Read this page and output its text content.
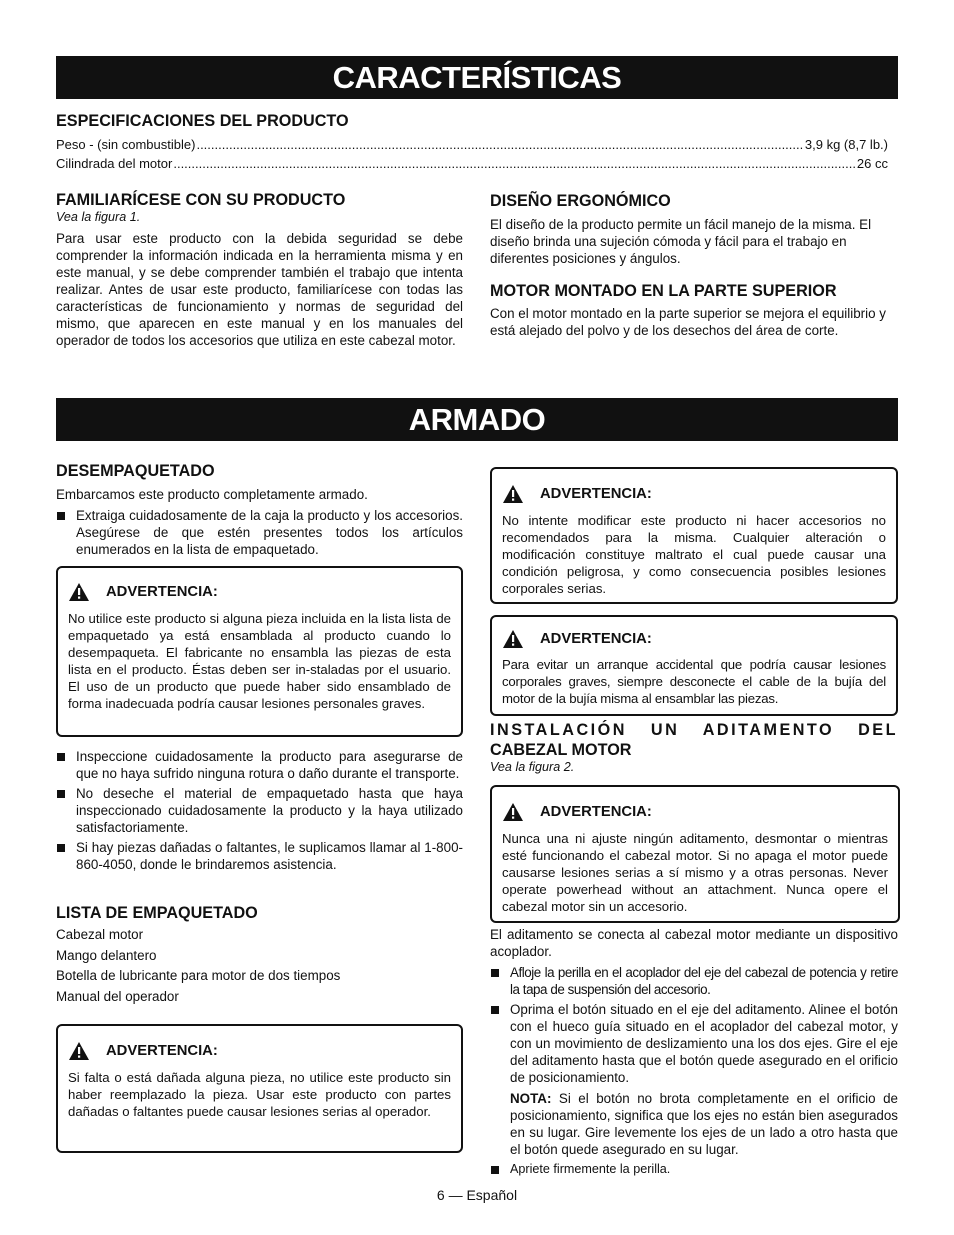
CARACTERÍSTICAS
ESPECIFICACIONES DEL PRODUCTO
Peso - (sin combustible) .....	3,9 kg (8,7 lb.)
Cilindrada del motor .....	26 cc
FAMILIARÍCESE CON SU PRODUCTO
Vea la figura 1.

Para usar este producto con la debida seguridad se debe comprender la información indicada en la herramienta misma y en este manual, y se debe comprender también el trabajo que intenta realizar. Antes de usar este producto, familiarícese con todas las características de funcionamiento y normas de seguridad del mismo, que aparecen en este manual y en los manuales del operador de todos los accesorios que utiliza en este cabezal motor.

DISEÑO ERGONÓMICO

El diseño de la producto permite un fácil manejo de la misma. El diseño brinda una sujeción cómoda y fácil para el trabajo en diferentes posiciones y ángulos.

MOTOR MONTADO EN LA PARTE SUPERIOR

Con el motor montado en la parte superior se mejora el equilibrio y está alejado del polvo y de los desechos del área de corte.

ARMADO
DESEMPAQUETADO

Embarcamos este producto completamente armado.

Extraiga cuidadosamente de la caja la producto y los accesorios. Asegúrese de que estén presentes todos los artículos enumerados en la lista de empaquetado.
ADVERTENCIA:

No utilice este producto si alguna pieza incluida en la lista lista de empaquetado ya está ensamblada al producto cuando lo desempaqueta. El fabricante no ensambla las piezas de esta lista en el producto. Éstas deben ser in-staladas por el usuario. El uso de un producto que puede haber sido ensamblado de forma inadecuada podría causar lesiones personales graves.

Inspeccione cuidadosamente la producto para asegurarse de que no haya sufrido ninguna rotura o daño durante el transporte.
No deseche el material de empaquetado hasta que haya inspeccionado cuidadosamente la producto y la haya utilizado satisfactoriamente.
Si hay piezas dañadas o faltantes, le suplicamos llamar al 1-800-860-4050, donde le brindaremos asistencia.
LISTA DE EMPAQUETADO

Cabezal motor

Mango delantero

Botella de lubricante para motor de dos tiempos

Manual del operador

ADVERTENCIA:

Si falta o está dañada alguna pieza, no utilice este producto sin haber reemplazado la pieza. Usar este producto con partes dañadas o faltantes puede causar lesiones serias al operador.

ADVERTENCIA:

No intente modificar este producto ni hacer accesorios no recomendados para la misma. Cualquier alteración o modificación constituye maltrato el cual puede causar una condición peligrosa, y como consecuencia posibles lesiones corporales serias.

ADVERTENCIA:

Para evitar un arranque accidental que podría causar lesiones corporales graves, siempre desconecte el cable de la bujía del motor de la bujía misma al ensamblar las piezas.

INSTALACIÓN UN ADITAMENTO DEL
CABEZAL MOTOR
Vea la figura 2.
ADVERTENCIA:

Nunca una ni ajuste ningún aditamento, desmontar o mientras esté funcionando el cabezal motor. Si no apaga el motor puede causarse lesiones serias a sí mismo y a otras personas. Never operate powerhead without an attachment. Nunca opere el cabezal motor sin un accesorio.

El aditamento se conecta al cabezal motor mediante un dispositivo acoplador.

Afloje la perilla en el acoplador del eje del cabezal de potencia y retire la tapa de suspensión del accesorio.
Oprima el botón situado en el eje del aditamento. Alinee el botón con el hueco guía situado en el acoplador del cabezal motor, y con un movimiento de deslizamiento una los dos ejes. Gire el eje del aditamento hasta que el botón quede asegurado en el orificio de posicionamiento.

NOTA: Si el botón no brota completamente en el orificio de posicionamiento, significa que los ejes no están bien asegurados en su lugar. Gire levemente los ejes de un lado a otro hasta que el botón quede asegurado en su lugar.

Apriete firmemente la perilla.
6 — Español
